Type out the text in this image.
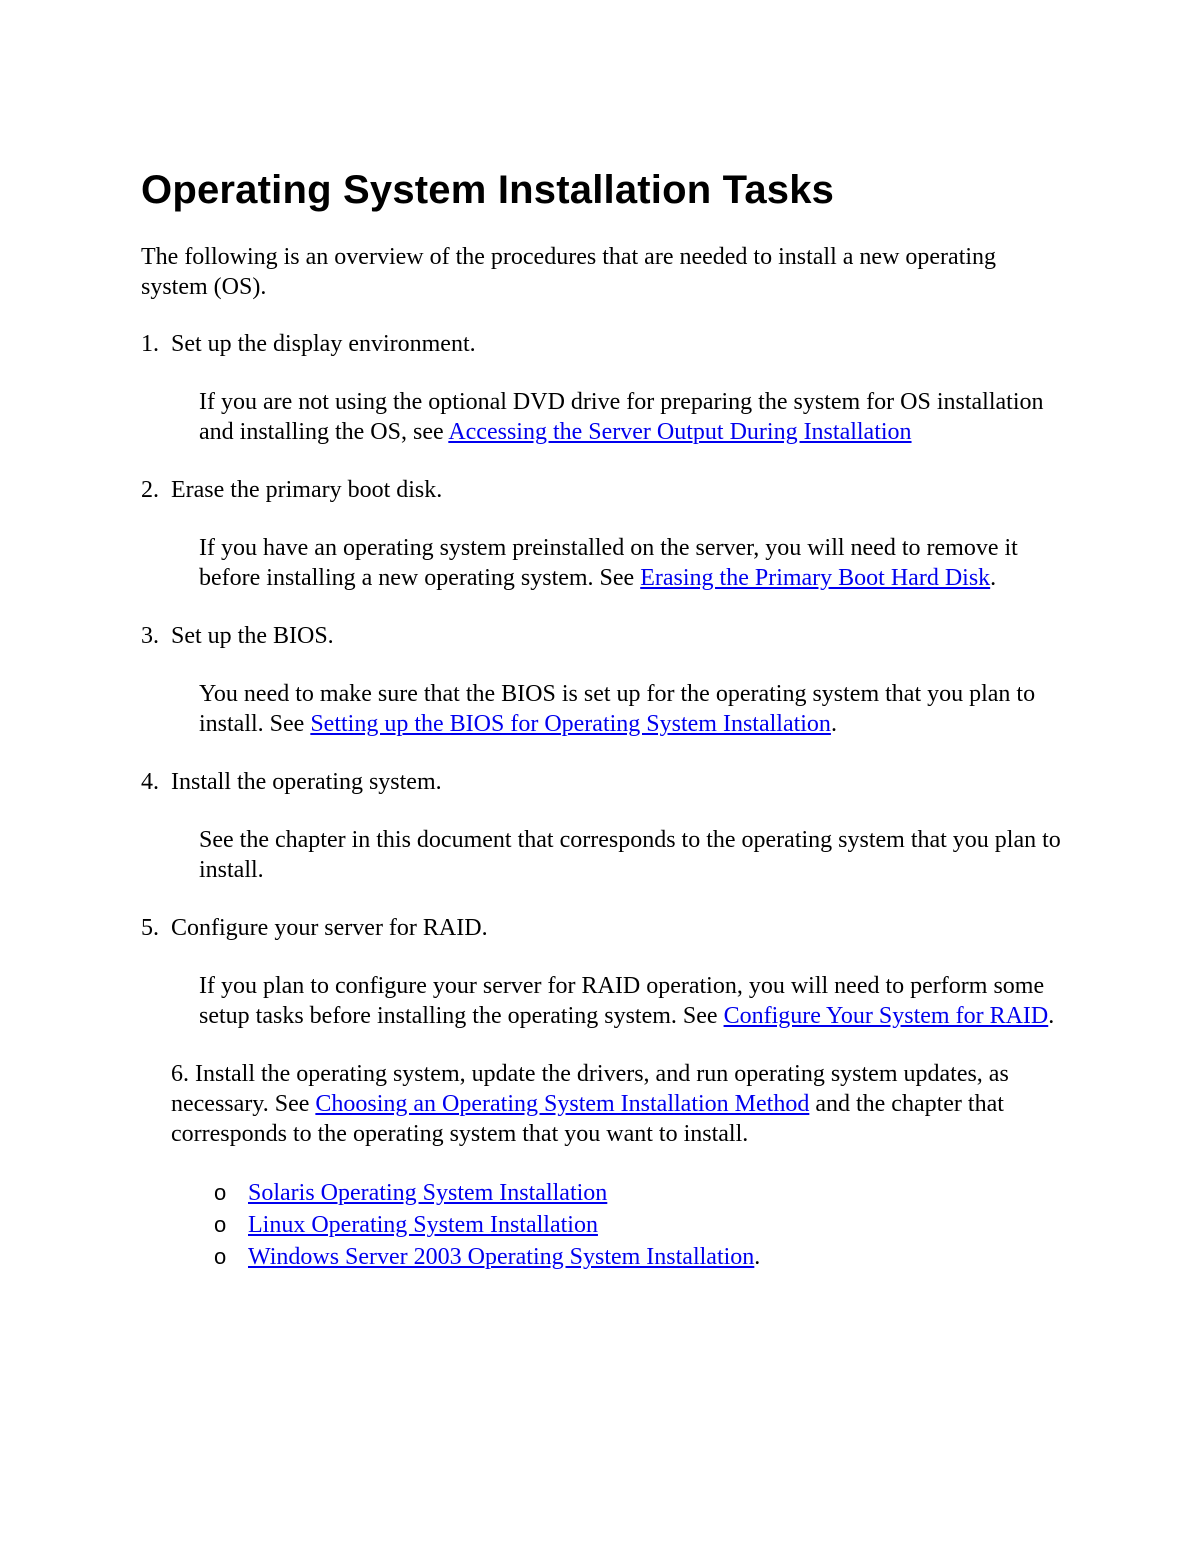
Operating System Installation Tasks

The following is an overview of the procedures that are needed to install a new operating system (OS).

1. Set up the display environment.

If you are not using the optional DVD drive for preparing the system for OS installation and installing the OS, see Accessing the Server Output During Installation

2. Erase the primary boot disk.

If you have an operating system preinstalled on the server, you will need to remove it before installing a new operating system. See Erasing the Primary Boot Hard Disk.

3. Set up the BIOS.

You need to make sure that the BIOS is set up for the operating system that you plan to install. See Setting up the BIOS for Operating System Installation.

4. Install the operating system.

See the chapter in this document that corresponds to the operating system that you plan to install.

5. Configure your server for RAID.

If you plan to configure your server for RAID operation, you will need to perform some setup tasks before installing the operating system. See Configure Your System for RAID.

6. Install the operating system, update the drivers, and run operating system updates, as necessary. See Choosing an Operating System Installation Method and the chapter that corresponds to the operating system that you want to install.

o Solaris Operating System Installation
o Linux Operating System Installation
o Windows Server 2003 Operating System Installation.
